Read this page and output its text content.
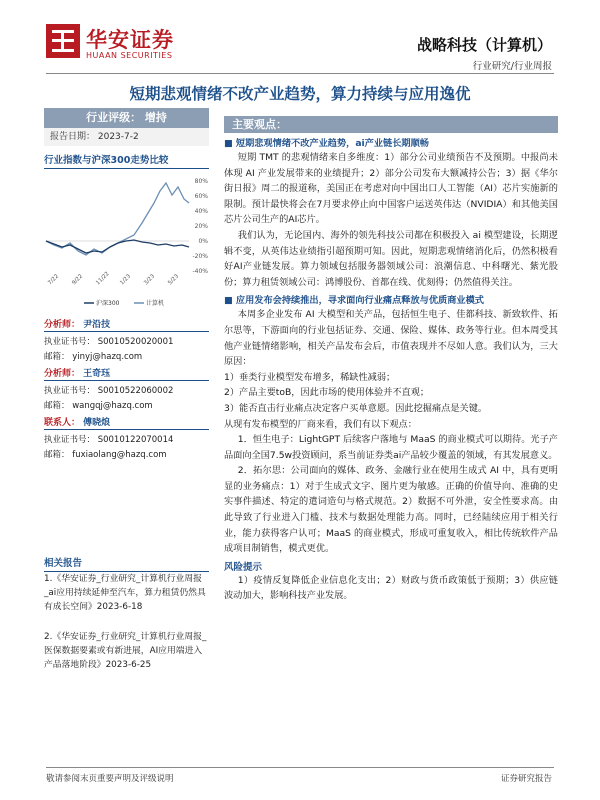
华安证券
HUAAN SECURITIES
战略科技（计算机）
行业研究/行业周报
短期悲观情绪不改产业趋势，算力持续与应用逸优
行业评级： 增持
报告日期： 2023-7-2
行业指数与沪深300走势比较
80%
60%
40%
20%
0%
-20%
-40%
7/22 9/22 11/22 1/23 3/23 5/23
沪深300	计算机
分析师： 尹沿技
执业证书号： S0010520020001
邮箱： yinyj@hazq.com
分析师： 王奇珏
执业证书号： S0010522060002
邮箱： wangqj@hazq.com
联系人： 傅晓烺
执业证书号： S0010122070014
邮箱： fuxiaolang@hazq.com
相关报告
1.《华安证券_行业研究_计算机行业周报_ai应用持续延伸至汽车，算力租赁仍然具有成长空间》2023-6-18
2.《华安证券_行业研究_计算机行业周报_医保数据要素或有新进展，AI应用端进入产品落地阶段》2023-6-25
主要观点：
■ 短期悲观情绪不改产业趋势，ai产业链长期顺畅
短期 TMT 的悲观情绪来自多维度：1）部分公司业绩预告不及预期。中报尚未体现 AI 产业发展带来的业绩提升；2）部分公司发布大额减持公告；3）据《华尔街日报》周二的报道称，美国正在考虑对向中国出口人工智能（AI）芯片实施新的限制。预计最快将会在7月要求停止向中国客户运送英伟达（NVIDIA）和其他美国芯片公司生产的AI芯片。
我们认为，无论国内、海外的领先科技公司都在积极投入 ai 模型建设，长期逻辑不变，从英伟达业绩指引超预期可知。因此，短期悲观情绪消化后，仍然积极看好AI产业链发展。算力领域包括服务器领域公司：浪潮信息、中科曙光、紫光股份；算力租赁领域公司：鸿博股份、首都在线、优刻得；仍然值得关注。
■ 应用发布会持续推出，寻求面向行业痛点释放与优质商业模式
本周多企业发布 AI 大模型和关产品，包括恒生电子、佳都科技、新致软件、拓尔思等，下游面向的行业包括证券、交通、保险、媒体、政务等行业。但本周受其他产业链情绪影响，相关产品发布会后，市值表现并不尽如人意。我们认为，三大原因：
1）垂类行业模型发布增多，稀缺性减弱；
2）产品主要toB，因此市场的使用体验并不直观；
3）能否直击行业痛点决定客户买单意愿。因此挖掘痛点是关键。
从现有发布模型的厂商来看，我们有以下观点：
1．恒生电子：LightGPT 后续客户落地与 MaaS 的商业模式可以期待。光子产品面向全国7.5w投资顾问，系当前证券类ai产品较少覆盖的领域，有其发展意义。
2．拓尔思：公司面向的媒体、政务、金融行业在使用生成式 AI 中，具有更明显的业务痛点：1）对于生成式文字、图片更为敏感。正确的价值导向、准确的史实事件描述、特定的遣词造句与格式规范。2）数据不可外泄，安全性要求高。由此导致了行业进入门槛、技术与数据处理能力高。同时，已经陆续应用于相关行业，能力获得客户认可；MaaS 的商业模式，形成可重复收入，相比传统软件产品成项目制销售，模式更优。
风险提示
1）疫情反复降低企业信息化支出；2）财政与货币政策低于预期；3）供应链波动加大，影响科技产业发展。
敬请参阅末页重要声明及评级说明	证券研究报告
